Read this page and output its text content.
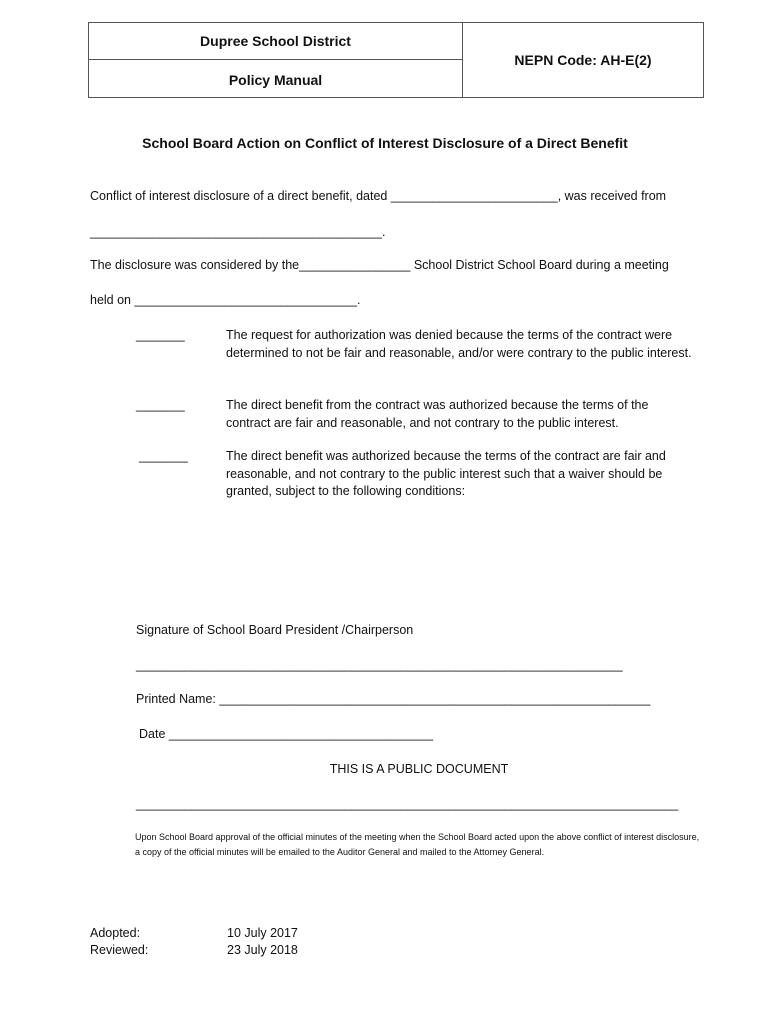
Dupree School District
Policy Manual
NEPN Code: AH-E(2)
School Board Action on Conflict of Interest Disclosure of a Direct Benefit
Conflict of interest disclosure of a direct benefit, dated ________________________, was received from
__________________________________________.
The disclosure was considered by the________________ School District School Board during a meeting
held on ________________________________.
_______	The request for authorization was denied because the terms of the contract were determined to not be fair and reasonable, and/or were contrary to the public interest.
_______	The direct benefit from the contract was authorized because the terms of the contract are fair and reasonable, and not contrary to the public interest.
_______	The direct benefit was authorized because the terms of the contract are fair and reasonable, and not contrary to the public interest such that a waiver should be granted, subject to the following conditions:
Signature of School Board President /Chairperson
______________________________________________________________________
Printed Name: ______________________________________________________________
Date ______________________________________
THIS IS A PUBLIC DOCUMENT
______________________________________________________________________________
Upon School Board approval of the official minutes of the meeting when the School Board acted upon the above conflict of interest disclosure, a copy of the official minutes will be emailed to the Auditor General and mailed to the Attorney General.
Adopted:	10 July 2017
Reviewed:	23 July 2018
